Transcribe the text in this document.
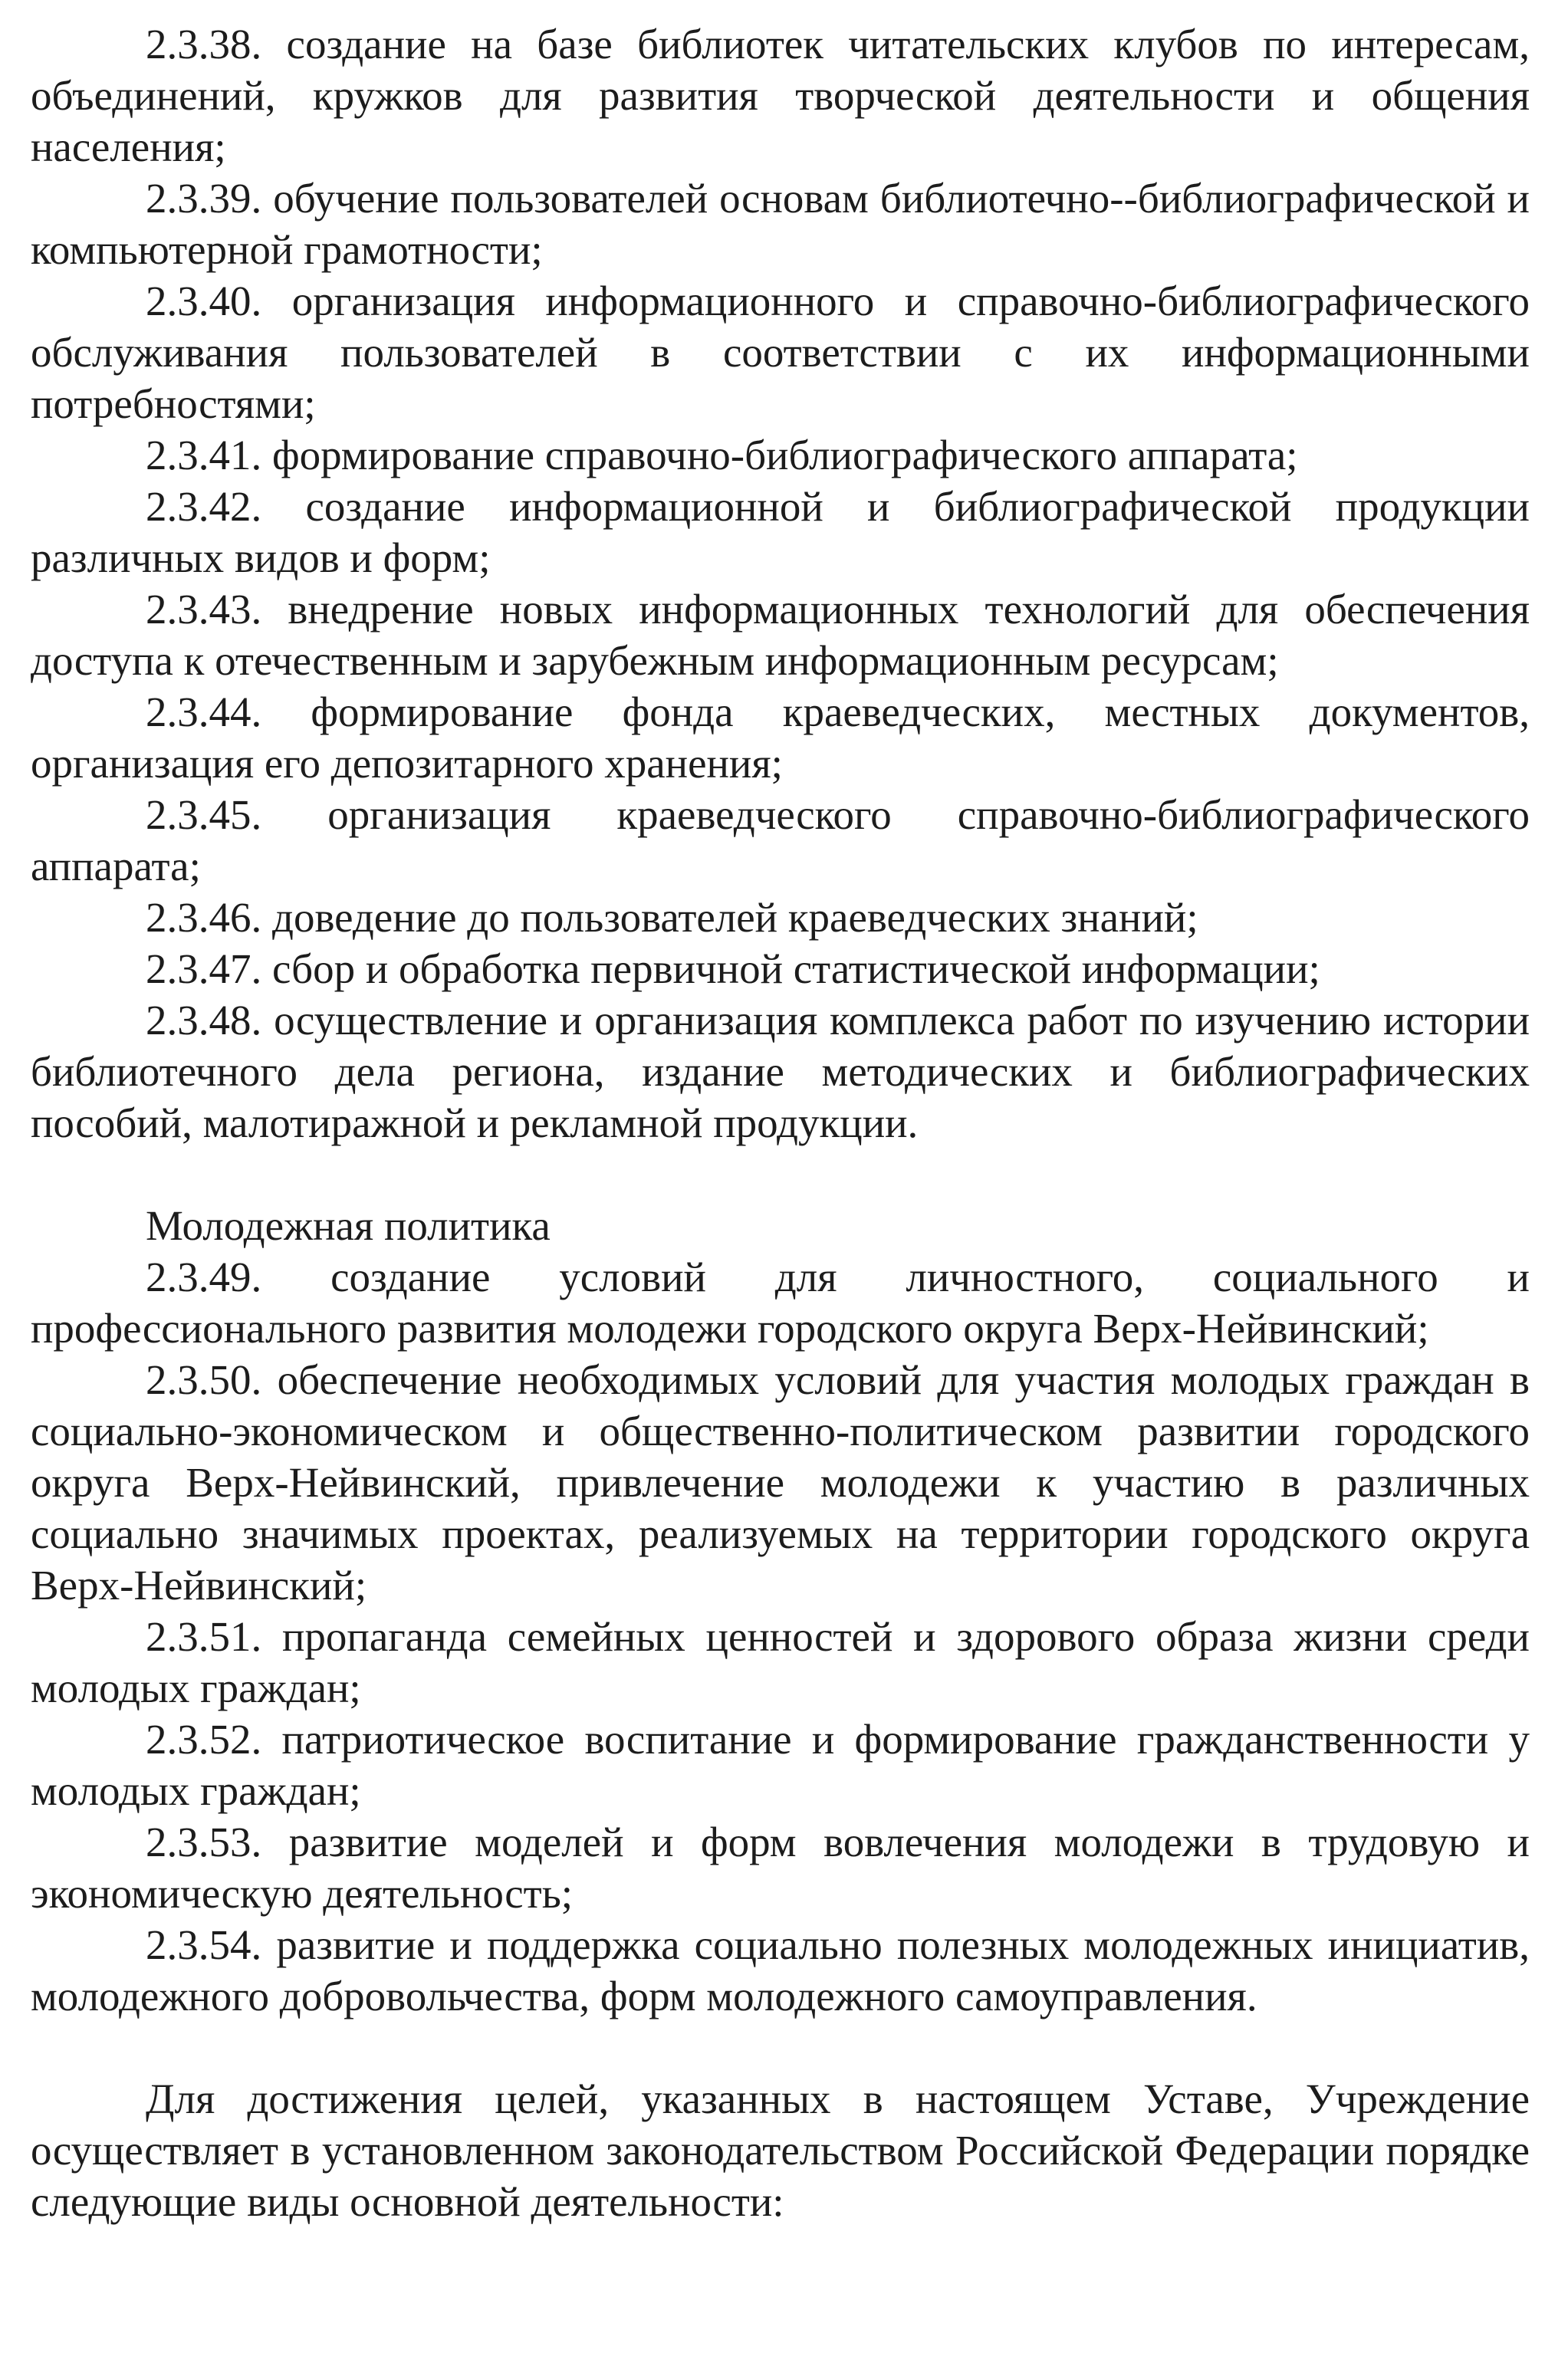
2.3.38. создание на базе библиотек читательских клубов по интересам, объединений, кружков для развития творческой деятельности и общения населения;

2.3.39. обучение пользователей основам библиотечно--библиографической и компьютерной грамотности;

2.3.40. организация информационного и справочно-библиографического обслуживания пользователей в соответствии с их информационными потребностями;

2.3.41. формирование справочно-библиографического аппарата;

2.3.42. создание информационной и библиографической продукции различных видов и форм;

2.3.43. внедрение новых информационных технологий для обеспечения доступа к отечественным и зарубежным информационным ресурсам;

2.3.44. формирование фонда краеведческих, местных документов, организация его депозитарного хранения;

2.3.45. организация краеведческого справочно-библиографического аппарата;

2.3.46. доведение до пользователей краеведческих знаний;

2.3.47. сбор и обработка первичной статистической информации;

2.3.48. осуществление и организация комплекса работ по изучению истории библиотечного дела региона, издание методических и библиографических пособий, малотиражной и рекламной продукции.

Молодежная политика

2.3.49. создание условий для личностного, социального и профессионального развития молодежи городского округа Верх-Нейвинский;

2.3.50. обеспечение необходимых условий для участия молодых граждан в социально-экономическом и общественно-политическом развитии городского округа Верх-Нейвинский, привлечение молодежи к участию в различных социально значимых проектах, реализуемых на территории городского округа Верх-Нейвинский;

2.3.51. пропаганда семейных ценностей и здорового образа жизни среди молодых граждан;

2.3.52. патриотическое воспитание и формирование гражданственности у молодых граждан;

2.3.53. развитие моделей и форм вовлечения молодежи в трудовую и экономическую деятельность;

2.3.54. развитие и поддержка социально полезных молодежных инициатив, молодежного добровольчества, форм молодежного самоуправления.

Для достижения целей, указанных в настоящем Уставе, Учреждение осуществляет в установленном законодательством Российской Федерации порядке следующие виды основной деятельности:
